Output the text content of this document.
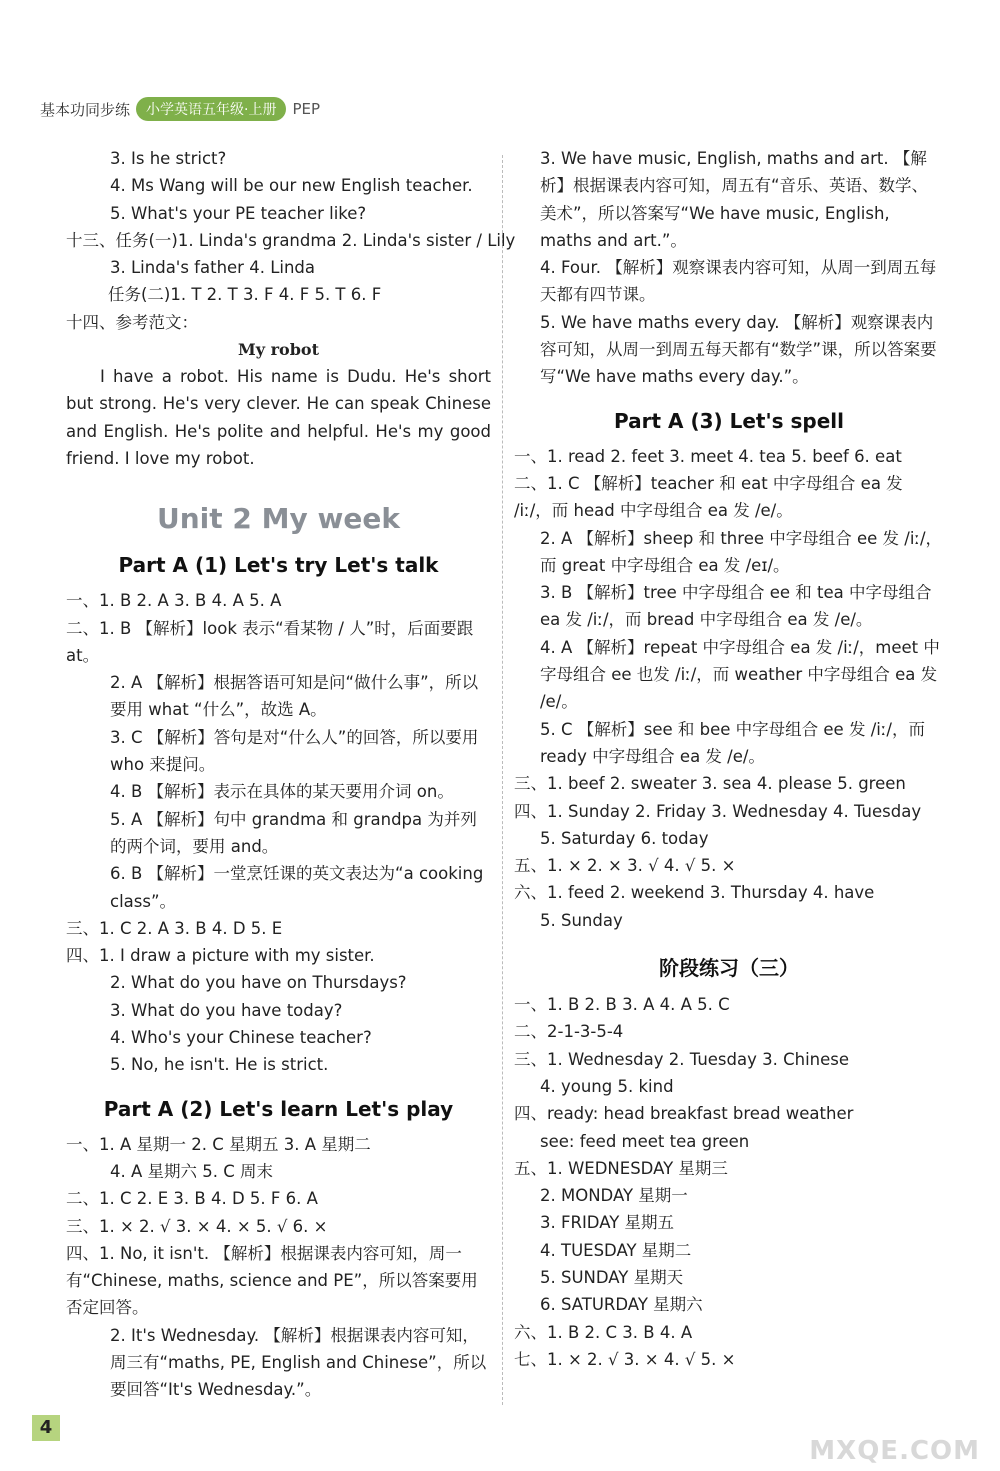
基本功同步练	小学英语五年级·上册	PEP
3. Is he strict?
4. Ms Wang will be our new English teacher.
5. What's your PE teacher like?
十三、任务(一)1. Linda's grandma 2. Linda's sister / Lily
3. Linda's father 4. Linda
任务(二)1. T 2. T 3. F 4. F 5. T 6. F
十四、参考范文：
My robot
I have a robot. His name is Dudu. He's short but strong. He's very clever. He can speak Chinese and English. He's polite and helpful. He's my good friend. I love my robot.
Unit 2 My week
Part A (1) Let's try Let's talk
一、1. B 2. A 3. B 4. A 5. A
二、1. B 【解析】look 表示“看某物 / 人”时，后面要跟 at。
2. A 【解析】根据答语可知是问“做什么事”，所以要用 what “什么”，故选 A。
3. C 【解析】答句是对“什么人”的回答，所以要用 who 来提问。
4. B 【解析】表示在具体的某天要用介词 on。
5. A 【解析】句中 grandma 和 grandpa 为并列的两个词，要用 and。
6. B 【解析】一堂烹饪课的英文表达为“a cooking class”。
三、1. C 2. A 3. B 4. D 5. E
四、1. I draw a picture with my sister.
2. What do you have on Thursdays?
3. What do you have today?
4. Who's your Chinese teacher?
5. No, he isn't. He is strict.
Part A (2) Let's learn Let's play
一、1. A 星期一 2. C 星期五 3. A 星期二
4. A 星期六 5. C 周末
二、1. C 2. E 3. B 4. D 5. F 6. A
三、1. × 2. √ 3. × 4. × 5. √ 6. ×
四、1. No, it isn't. 【解析】根据课表内容可知，周一有“Chinese, maths, science and PE”，所以答案要用否定回答。
2. It's Wednesday. 【解析】根据课表内容可知，周三有“maths, PE, English and Chinese”，所以要回答“It's Wednesday.”。
3. We have music, English, maths and art. 【解析】根据课表内容可知，周五有“音乐、英语、数学、美术”，所以答案写“We have music, English, maths and art.”。
4. Four. 【解析】观察课表内容可知，从周一到周五每天都有四节课。
5. We have maths every day. 【解析】观察课表内容可知，从周一到周五每天都有“数学”课，所以答案要写“We have maths every day.”。
Part A (3) Let's spell
一、1. read 2. feet 3. meet 4. tea 5. beef 6. eat
二、1. C 【解析】teacher 和 eat 中字母组合 ea 发 /iː/，而 head 中字母组合 ea 发 /e/。
2. A 【解析】sheep 和 three 中字母组合 ee 发 /iː/，而 great 中字母组合 ea 发 /eɪ/。
3. B 【解析】tree 中字母组合 ee 和 tea 中字母组合 ea 发 /iː/，而 bread 中字母组合 ea 发 /e/。
4. A 【解析】repeat 中字母组合 ea 发 /iː/，meet 中字母组合 ee 也发 /iː/，而 weather 中字母组合 ea 发 /e/。
5. C 【解析】see 和 bee 中字母组合 ee 发 /iː/，而 ready 中字母组合 ea 发 /e/。
三、1. beef 2. sweater 3. sea 4. please 5. green
四、1. Sunday 2. Friday 3. Wednesday 4. Tuesday
5. Saturday 6. today
五、1. × 2. × 3. √ 4. √ 5. ×
六、1. feed 2. weekend 3. Thursday 4. have
5. Sunday
阶段练习（三）
一、1. B 2. B 3. A 4. A 5. C
二、2-1-3-5-4
三、1. Wednesday 2. Tuesday 3. Chinese
4. young 5. kind
四、ready: head breakfast bread weather
see: feed meet tea green
五、1. WEDNESDAY 星期三
2. MONDAY 星期一
3. FRIDAY 星期五
4. TUESDAY 星期二
5. SUNDAY 星期天
6. SATURDAY 星期六
六、1. B 2. C 3. B 4. A
七、1. × 2. √ 3. × 4. √ 5. ×
4
MXQE.COM
